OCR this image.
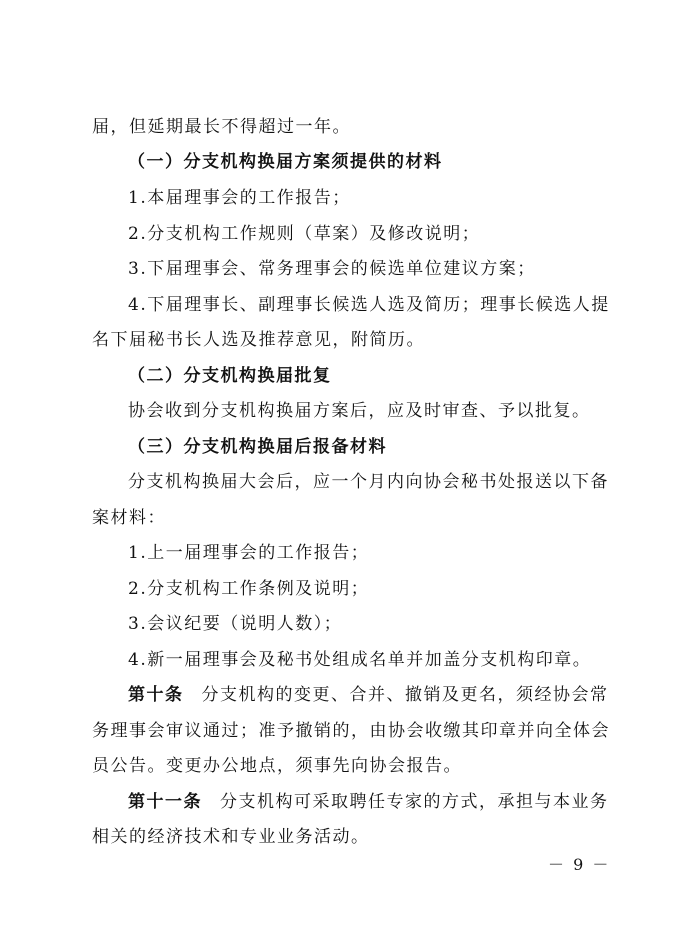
届，但延期最长不得超过一年。
（一）分支机构换届方案须提供的材料
1.本届理事会的工作报告；
2.分支机构工作规则（草案）及修改说明；
3.下届理事会、常务理事会的候选单位建议方案；
4.下届理事长、副理事长候选人选及简历；理事长候选人提
名下届秘书长人选及推荐意见，附简历。
（二）分支机构换届批复
协会收到分支机构换届方案后，应及时审查、予以批复。
（三）分支机构换届后报备材料
分支机构换届大会后，应一个月内向协会秘书处报送以下备
案材料：
1.上一届理事会的工作报告；
2.分支机构工作条例及说明；
3.会议纪要（说明人数）；
4.新一届理事会及秘书处组成名单并加盖分支机构印章。
第十条 分支机构的变更、合并、撤销及更名，须经协会常
务理事会审议通过；准予撤销的，由协会收缴其印章并向全体会
员公告。变更办公地点，须事先向协会报告。
第十一条 分支机构可采取聘任专家的方式，承担与本业务
相关的经济技术和专业业务活动。
－ 9 －
